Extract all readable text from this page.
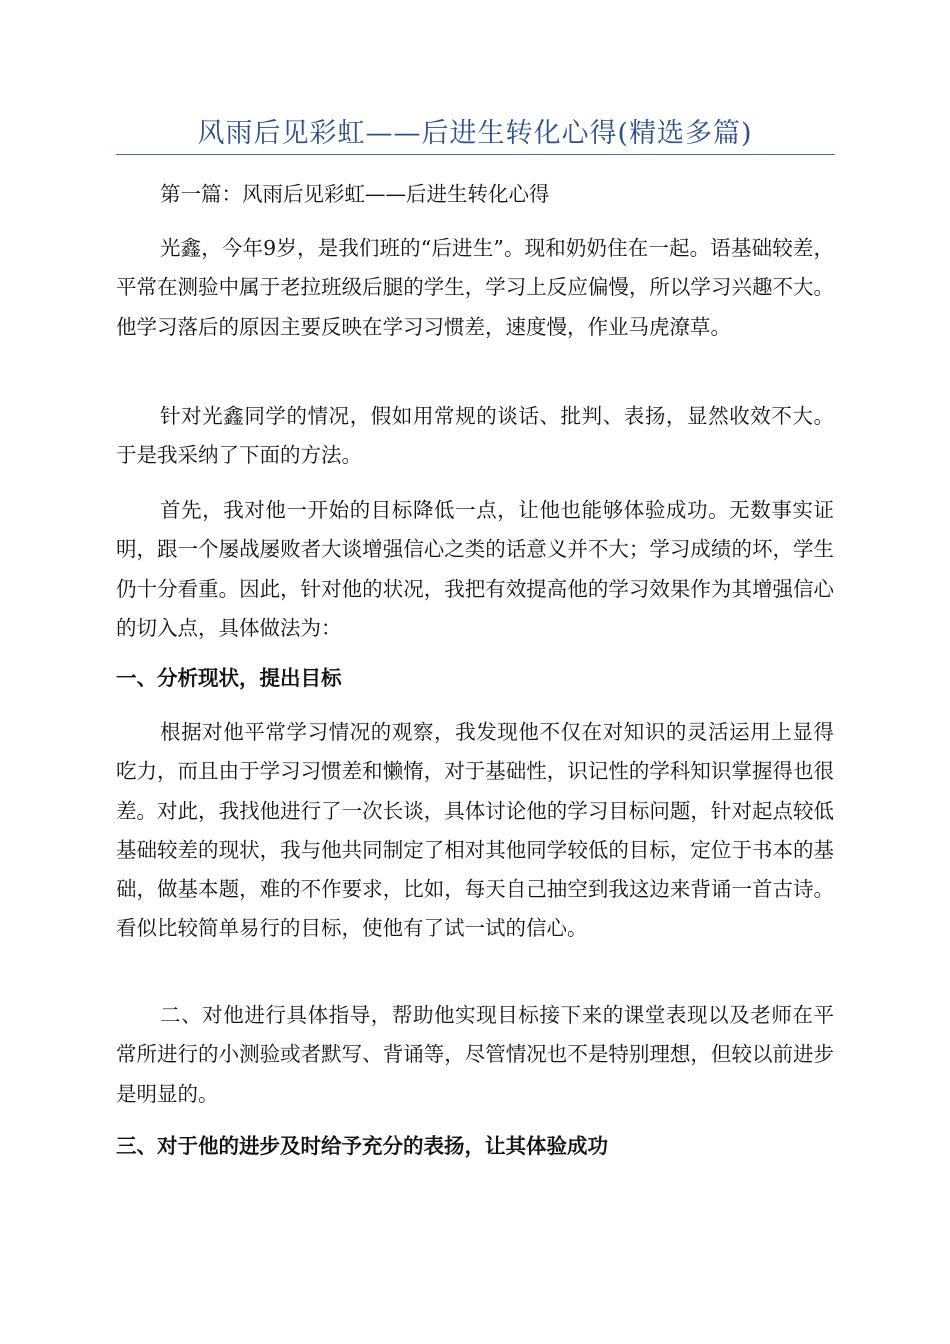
风雨后见彩虹——后进生转化心得(精选多篇)

第一篇：风雨后见彩虹——后进生转化心得

光鑫，今年9岁，是我们班的“后进生”。现和奶奶住在一起。语基础较差，平常在测验中属于老拉班级后腿的学生，学习上反应偏慢，所以学习兴趣不大。他学习落后的原因主要反映在学习习惯差，速度慢，作业马虎潦草。

针对光鑫同学的情况，假如用常规的谈话、批判、表扬，显然收效不大。于是我采纳了下面的方法。

首先，我对他一开始的目标降低一点，让他也能够体验成功。无数事实证明，跟一个屡战屡败者大谈增强信心之类的话意义并不大；学习成绩的坏，学生仍十分看重。因此，针对他的状况，我把有效提高他的学习效果作为其增强信心的切入点，具体做法为：

一、分析现状，提出目标

根据对他平常学习情况的观察，我发现他不仅在对知识的灵活运用上显得吃力，而且由于学习习惯差和懒惰，对于基础性，识记性的学科知识掌握得也很差。对此，我找他进行了一次长谈，具体讨论他的学习目标问题，针对起点较低基础较差的现状，我与他共同制定了相对其他同学较低的目标，定位于书本的基础，做基本题，难的不作要求，比如，每天自己抽空到我这边来背诵一首古诗。看似比较简单易行的目标，使他有了试一试的信心。

二、对他进行具体指导，帮助他实现目标接下来的课堂表现以及老师在平常所进行的小测验或者默写、背诵等，尽管情况也不是特别理想，但较以前进步是明显的。

三、对于他的进步及时给予充分的表扬，让其体验成功
